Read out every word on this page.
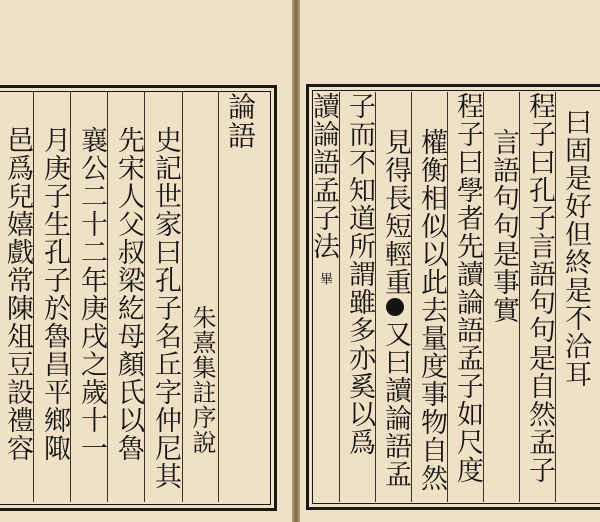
論語
朱熹集註序說
史記世家曰孔子名丘字仲尼其
先宋人父叔梁紇母顏氏以魯
襄公二十二年庚戌之歲十一
月庚子生孔子於魯昌平鄉陬
邑爲兒嬉戲常陳俎豆設禮容	曰固是好但終是不洽耳
程子曰孔子言語句句是自然孟子
言語句句是事實
程子曰學者先讀論語孟子如尺度
權衡相似以此去量度事物自然
見得長短輕重
又曰讀論語孟
子而不知道所謂雖多亦奚以爲
讀論語孟子法
畢
